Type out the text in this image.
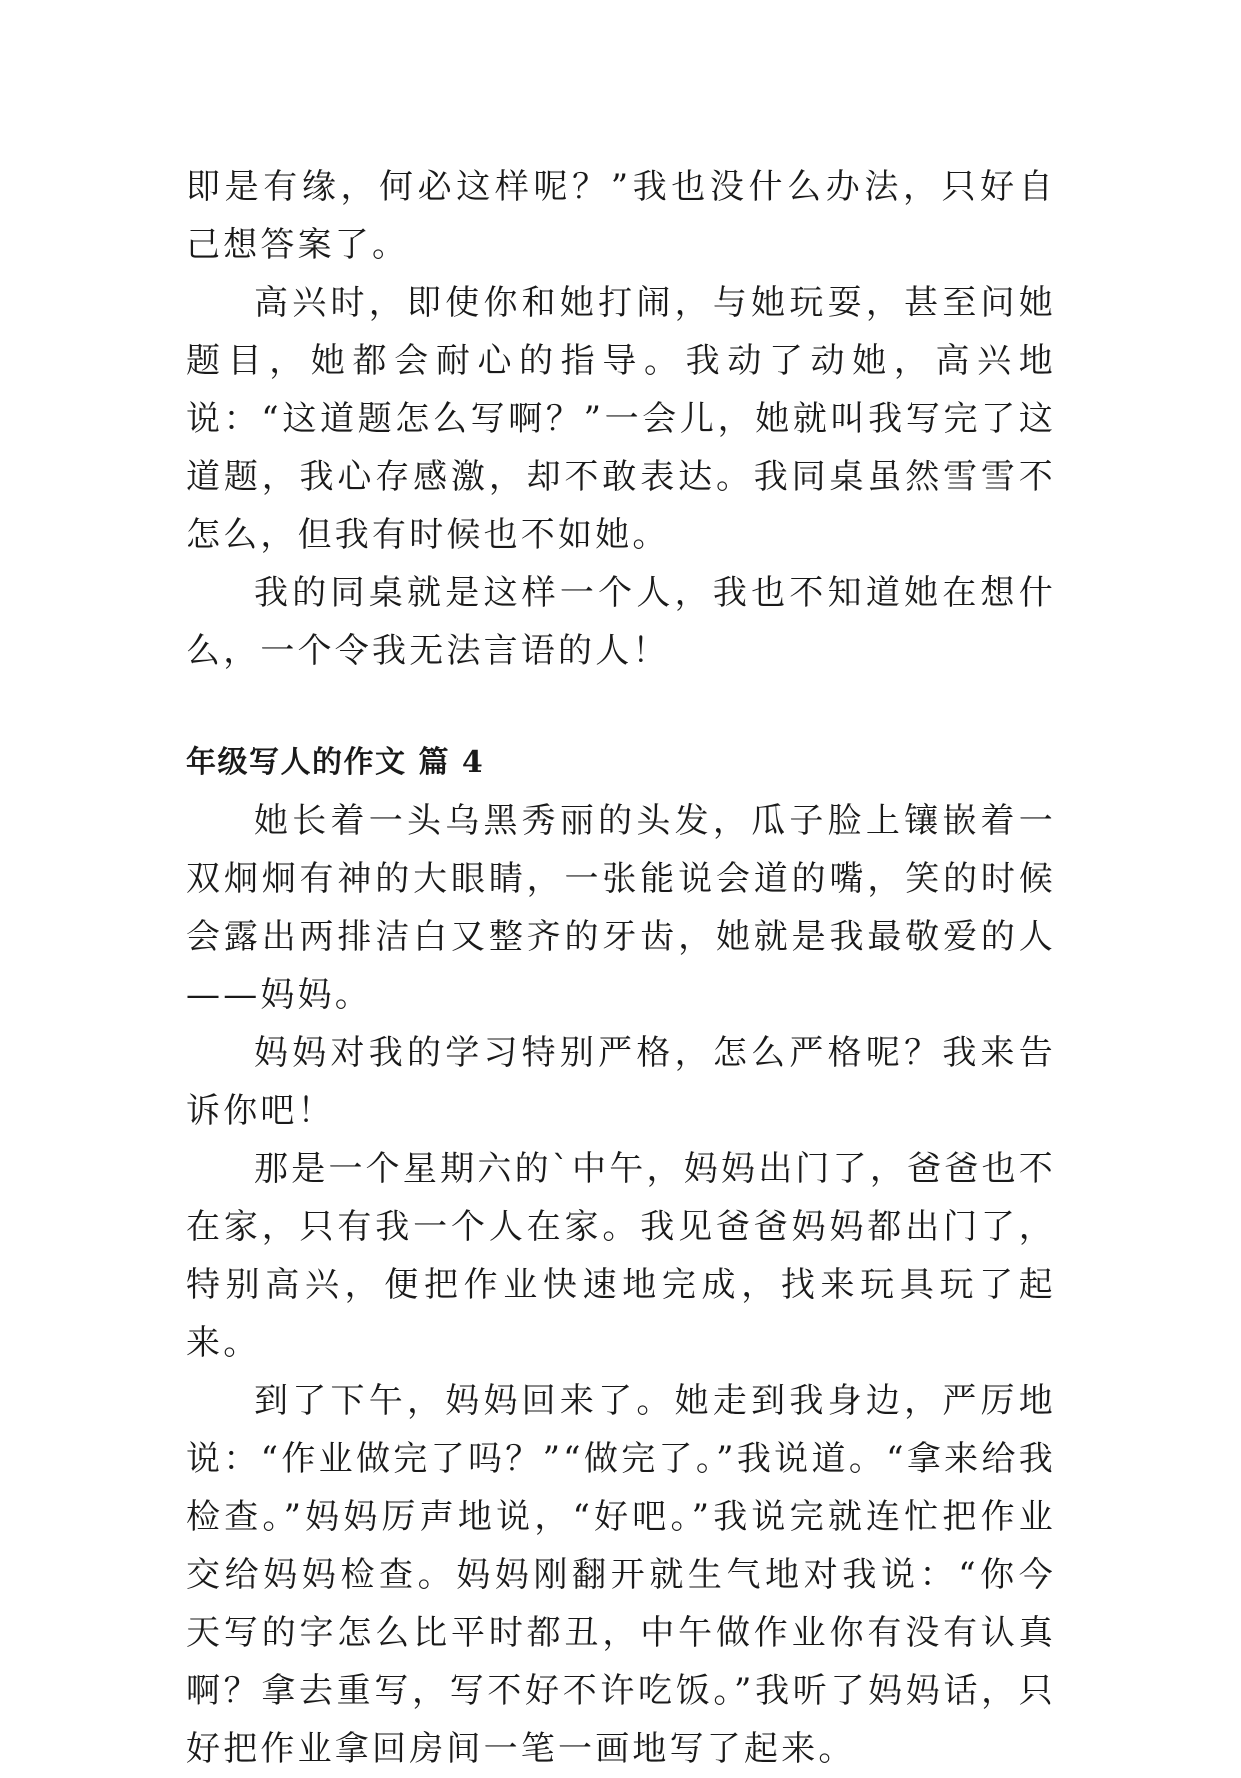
即是有缘，何必这样呢？”我也没什么办法，只好自己想答案了。

高兴时，即使你和她打闹，与她玩耍，甚至问她题目，她都会耐心的指导。我动了动她，高兴地说：“这道题怎么写啊？”一会儿，她就叫我写完了这道题，我心存感激，却不敢表达。我同桌虽然雪雪不怎么，但我有时候也不如她。

我的同桌就是这样一个人，我也不知道她在想什么，一个令我无法言语的人！

年级写人的作文 篇 4

她长着一头乌黑秀丽的头发，瓜子脸上镶嵌着一双炯炯有神的大眼睛，一张能说会道的嘴，笑的时候会露出两排洁白又整齐的牙齿，她就是我最敬爱的人——妈妈。

妈妈对我的学习特别严格，怎么严格呢？我来告诉你吧！

那是一个星期六的`中午，妈妈出门了，爸爸也不在家，只有我一个人在家。我见爸爸妈妈都出门了，特别高兴，便把作业快速地完成，找来玩具玩了起来。

到了下午，妈妈回来了。她走到我身边，严厉地说：“作业做完了吗？”“做完了。”我说道。“拿来给我检查。”妈妈厉声地说，“好吧。”我说完就连忙把作业交给妈妈检查。妈妈刚翻开就生气地对我说：“你今天写的字怎么比平时都丑，中午做作业你有没有认真啊？拿去重写，写不好不许吃饭。”我听了妈妈话，只好把作业拿回房间一笔一画地写了起来。
